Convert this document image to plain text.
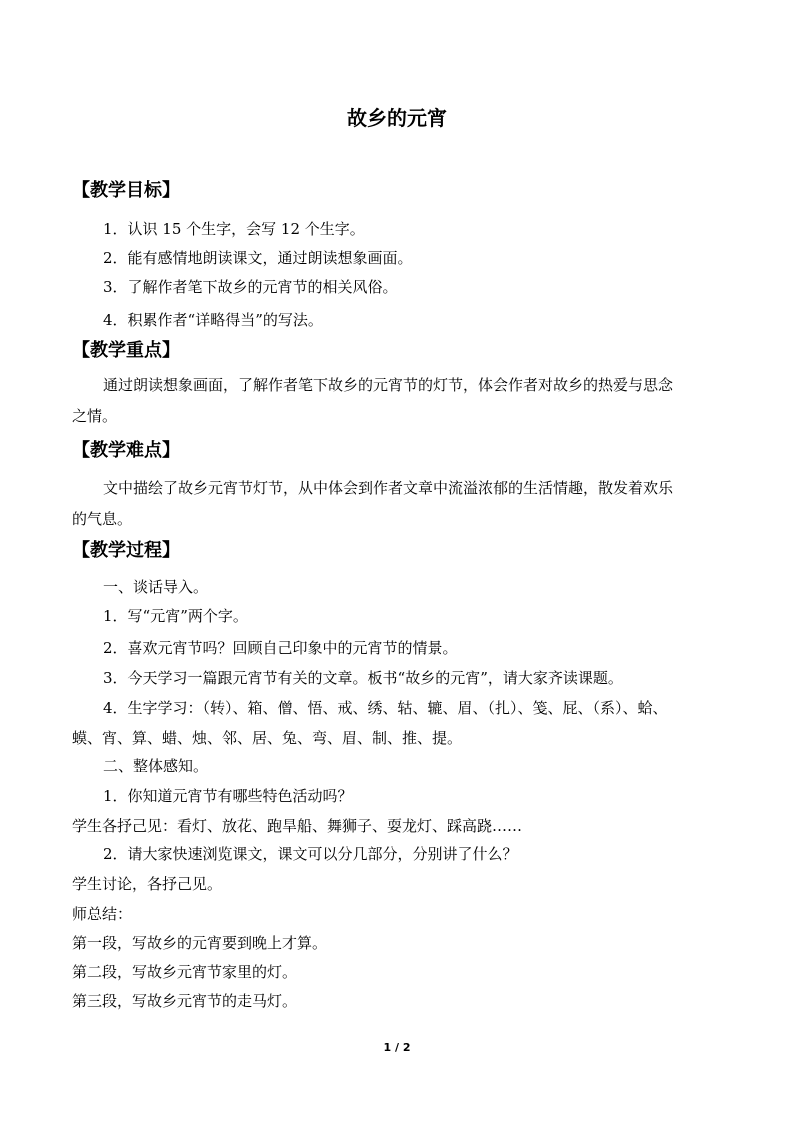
故乡的元宵
【教学目标】
1．认识 15 个生字，会写 12 个生字。
2．能有感情地朗读课文，通过朗读想象画面。
3．了解作者笔下故乡的元宵节的相关风俗。
4．积累作者“详略得当”的写法。
【教学重点】
通过朗读想象画面，了解作者笔下故乡的元宵节的灯节，体会作者对故乡的热爱与思念
之情。
【教学难点】
文中描绘了故乡元宵节灯节，从中体会到作者文章中流溢浓郁的生活情趣，散发着欢乐
的气息。
【教学过程】
一、谈话导入。
1．写“元宵”两个字。
2．喜欢元宵节吗？回顾自己印象中的元宵节的情景。
3．今天学习一篇跟元宵节有关的文章。板书“故乡的元宵”，请大家齐读课题。
4．生字学习：（转）、箱、僧、悟、戒、绣、轱、辘、眉、（扎）、笺、屁、（系）、蛤、
蟆、宵、算、蜡、烛、邻、居、兔、弯、眉、制、推、提。
二、整体感知。
1．你知道元宵节有哪些特色活动吗？
学生各抒己见：看灯、放花、跑旱船、舞狮子、耍龙灯、踩高跷……
2．请大家快速浏览课文，课文可以分几部分，分别讲了什么？
学生讨论，各抒己见。
师总结：
第一段，写故乡的元宵要到晚上才算。
第二段，写故乡元宵节家里的灯。
第三段，写故乡元宵节的走马灯。
1 / 2
